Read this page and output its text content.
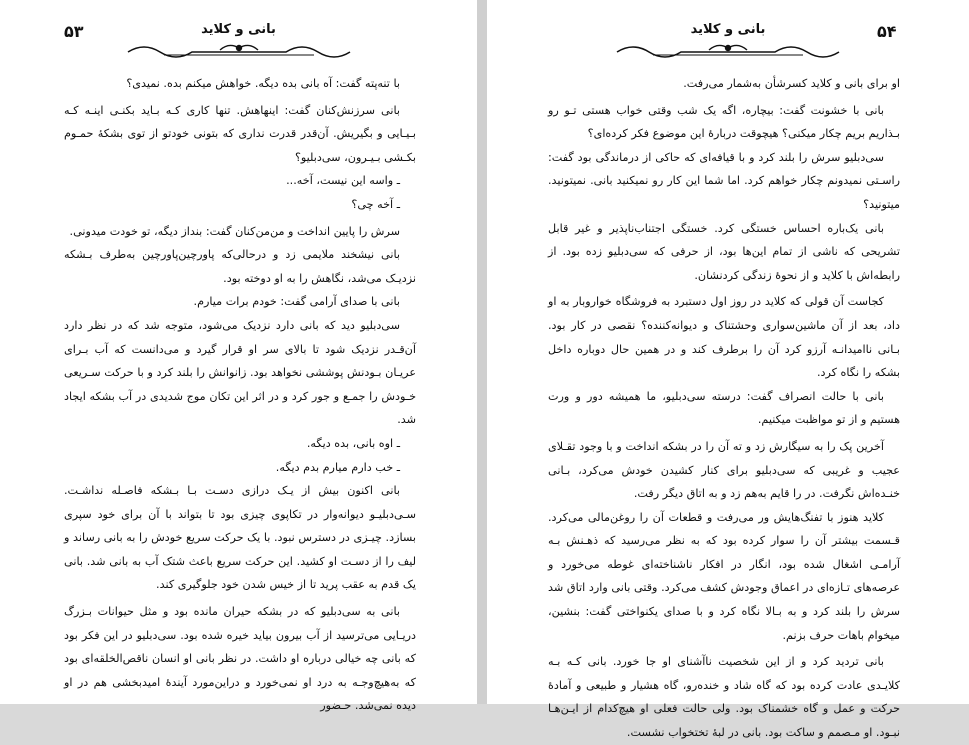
۵۳	بانی و کلاید

با تنه‌پته گفت: آه بانی بده دیگه. خواهش میکنم بده. نمیدی؟

بانی سرزنش‌کنان گفت: اینهاهش. تنها کاری کـه بـاید بکنـی اینـه کـه بـیـایی و بگیریش. آن‌قدر قدرت نداری که بتونی خودتو از توی بشکهٔ حمـوم بکـشی بـیـرون، سی‌دبلیو؟

ـ واسه این نیست، آخه...

ـ آخه چی؟

سرش را پایین انداخت و من‌من‌کنان گفت: بنداز دیگه، تو خودت میدونی.

بانی نیشخند ملایمی زد و درحالی‌که پاورچین‌پاورچین به‌طرف بـشکه نزدیـک می‌شد، نگاهش را به او دوخته بود.

بانی با صدای آرامی گفت: خودم برات میارم.

سی‌دبلیو دید که بانی دارد نزدیک می‌شود، متوجه شد که در نظر دارد آن‌قـدر نزدیک شود تا بالای سر او قرار گیرد و می‌دانست که آب بـرای عریـان بـودنش پوششی نخواهد بود. زانوانش را بلند کرد و با حرکت سـریعی خـودش را جمـع و جور کرد و در اثر این تکان موج شدیدی در آب بشکه ایجاد شد.

ـ اوه بانی، بده دیگه.

ـ خب دارم میارم بدم دیگه.

بانی اکنون بیش از یـک درازی دسـت بـا بـشکه فاصـله نداشـت. سـی‌دبلیـو دیوانه‌وار در تکاپوی چیزی بود تا بتواند با آن برای خود سپری بسازد. چیـزی در دسترس نبود. با یک حرکت سریع خودش را به بانی رساند و لیف را از دسـت او کشید. این حرکت سریع باعث شتک آب به بانی شد. بانی یک قدم به عقب پرید تا از خیس شدن خود جلوگیری کند.

بانی به سی‌دبلیو که در بشکه حیران مانده بود و مثل حیوانات بـزرگ دریـایی می‌ترسید از آب بیرون بیاید خیره شده بود. سی‌دبلیو در این فکر بود که بانی چه خیالی درباره او داشت. در نظر بانی او انسان ناقص‌الخلقه‌ای بود که به‌هیچ‌وجـه به درد او نمی‌خورد و دراین‌مورد آیندهٔ امیدبخشی هم در او دیده نمی‌شد. حـضور

۵۴
بانی و کلاید

او برای بانی و کلاید کسرشأن به‌شمار می‌رفت.

بانی با خشونت گفت: بیچاره، اگه یک شب وقتی خواب هستی تـو رو بـذاریم بریم چکار میکنی؟ هیچوقت دربارهٔ این موضوع فکر کرده‌ای؟

سی‌دبلیو سرش را بلند کرد و با قیافه‌ای که حاکی از درماندگی بود گفت: راسـتی نمیدونم چکار خواهم کرد. اما شما این کار رو نمیکنید بانی. نمیتونید. میتونید؟

بانی یک‌باره احساس خستگی کرد. خستگی اجتناب‌ناپذیر و غیر قابل تشریحی که ناشی از تمام این‌ها بود، از حرفی که سی‌دبلیو زده بود. از رابطه‌اش با کلاید و از نحوهٔ زندگی کردنشان.

کجاست آن قولی که کلاید در روز اول دستبرد به فروشگاه خواروبار به او داد، بعد از آن ماشین‌سواری وحشتناک و دیوانه‌کننده؟ نقصی در کار بود. بـانی ناامیدانـه آرزو کرد آن را برطرف کند و در همین حال دوباره داخل بشکه را نگاه کرد.

بانی با حالت انصراف گفت: درسته سی‌دبلیو، ما همیشه دور و ورت هستیم و از تو مواظبت میکنیم.

آخرین پک را به سیگارش زد و ته آن را در بشکه انداخت و با وجود تقـلای عجیب و غریبی که سی‌دبلیو برای کنار کشیدن خودش می‌کرد، بـانی خنـده‌اش نگرفت. در را قایم به‌هم زد و به اتاق دیگر رفت.

کلاید هنوز با تفنگ‌هایش ور می‌رفت و قطعات آن را روغن‌مالی می‌کرد. قـسمت بیشتر آن را سوار کرده بود که به نظر می‌رسید که ذهـنش بـه آرامـی اشغال شده بود، انگار در افکار ناشناخته‌ای غوطه می‌خورد و عرصه‌های تـازه‌ای در اعماق وجودش کشف می‌کرد. وقتی بانی وارد اتاق شد سرش را بلند کرد و به بـالا نگاه کرد و با صدای یکنواختی گفت: بنشین، میخوام باهات حرف بزنم.

بانی تردید کرد و از این شخصیت ناآشنای او جا خورد. بانی کـه بـه کلایـدی عادت کرده بود که گاه شاد و خنده‌رو، گاه هشیار و طبیعی و آمادهٔ حرکت و عمل و گاه خشمناک بود. ولی حالت فعلی او هیچ‌کدام از ایـن‌هـا نبـود. او مـصمم و ساکت بود. بانی در لبهٔ تختخواب نشست.
